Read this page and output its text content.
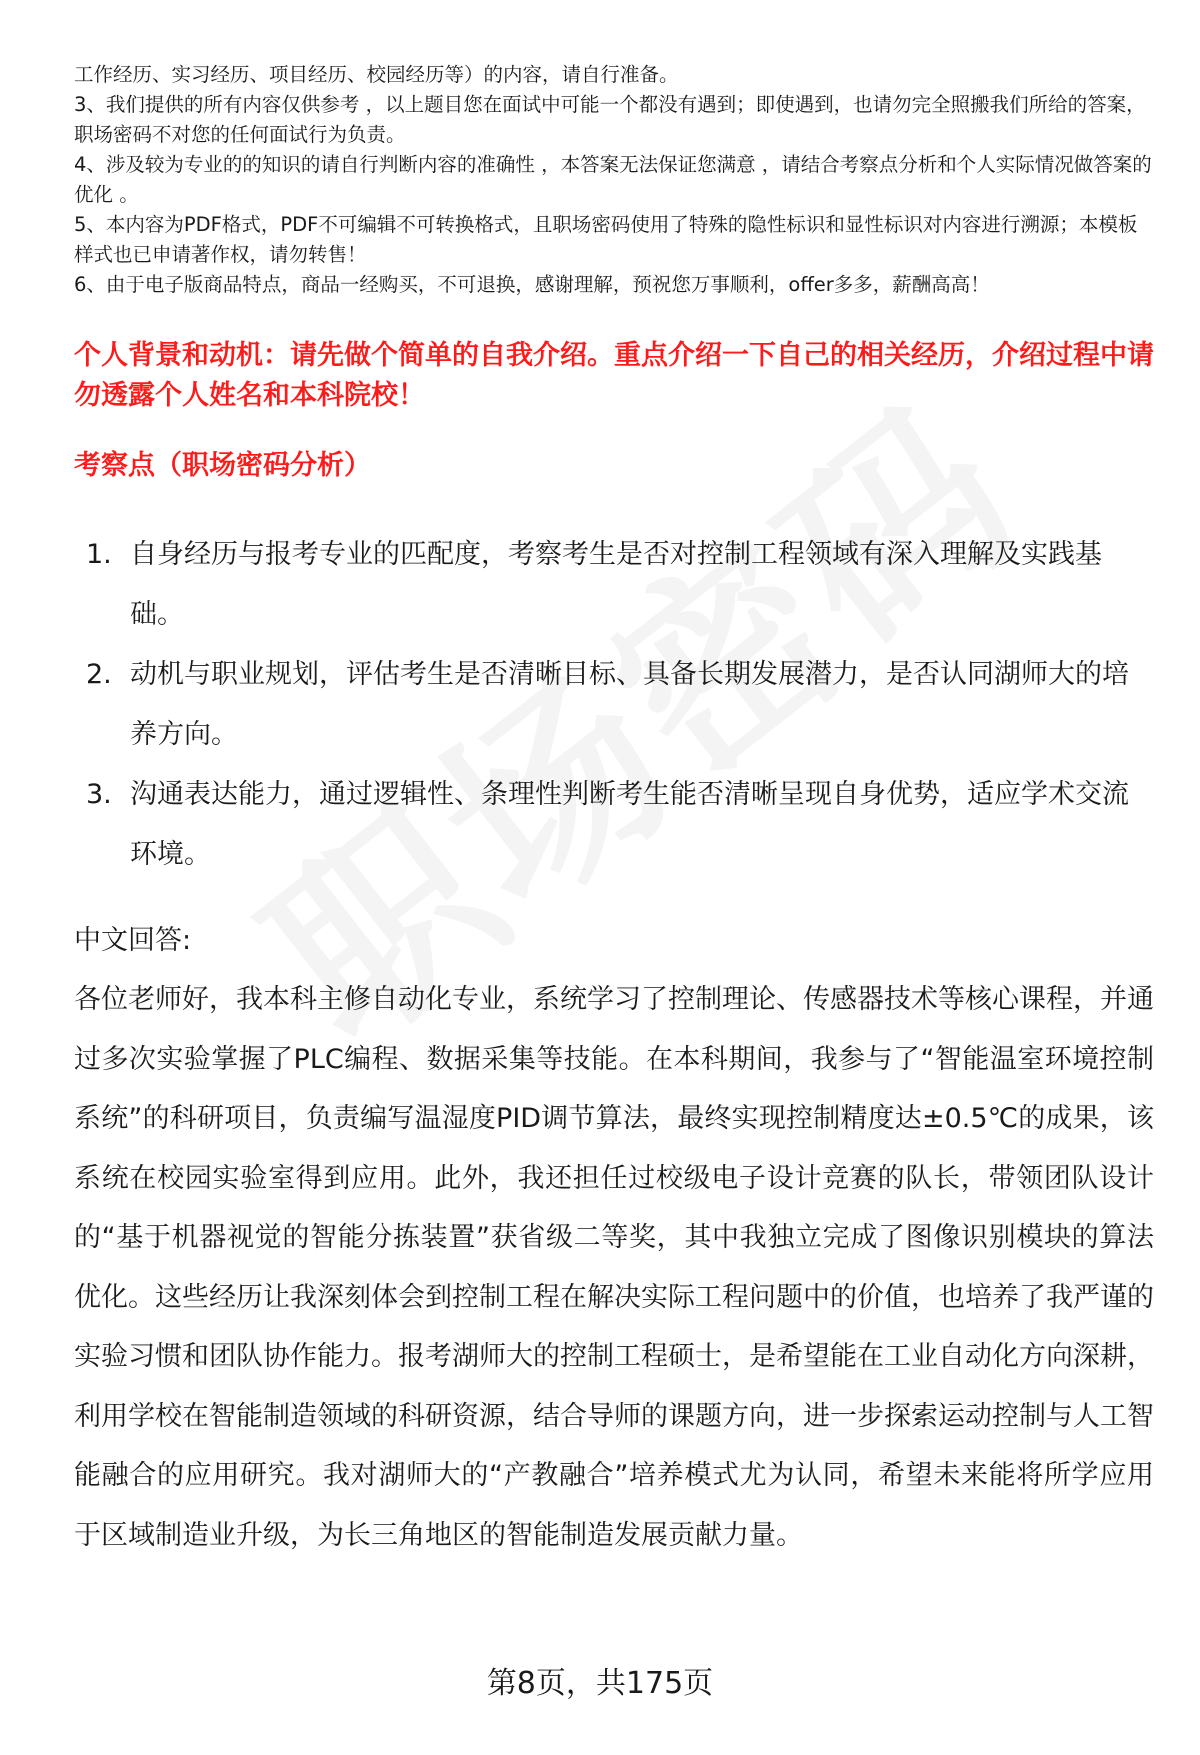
工作经历、实习经历、项目经历、校园经历等）的内容，请自行准备。

3、我们提供的所有内容仅供参考 ，以上题目您在面试中可能一个都没有遇到；即使遇到，也请勿完全照搬我们所给的答案，职场密码不对您的任何面试行为负责。

4、涉及较为专业的的知识的请自行判断内容的准确性 ，本答案无法保证您满意 ，请结合考察点分析和个人实际情况做答案的优化 。

5、本内容为PDF格式，PDF不可编辑不可转换格式，且职场密码使用了特殊的隐性标识和显性标识对内容进行溯源；本模板样式也已申请著作权，请勿转售！

6、由于电子版商品特点，商品一经购买，不可退换，感谢理解，预祝您万事顺利，offer多多，薪酬高高！

个人背景和动机：请先做个简单的自我介绍。重点介绍一下自己的相关经历，介绍过程中请勿透露个人姓名和本科院校！

考察点（职场密码分析）

1. 自身经历与报考专业的匹配度，考察考生是否对控制工程领域有深入理解及实践基础。
2. 动机与职业规划，评估考生是否清晰目标、具备长期发展潜力，是否认同湖师大的培养方向。
3. 沟通表达能力，通过逻辑性、条理性判断考生能否清晰呈现自身优势，适应学术交流环境。

中文回答:

各位老师好，我本科主修自动化专业，系统学习了控制理论、传感器技术等核心课程，并通过多次实验掌握了PLC编程、数据采集等技能。在本科期间，我参与了“智能温室环境控制系统”的科研项目，负责编写温湿度PID调节算法，最终实现控制精度达±0.5℃的成果，该系统在校园实验室得到应用。此外，我还担任过校级电子设计竞赛的队长，带领团队设计的“基于机器视觉的智能分拣装置”获省级二等奖，其中我独立完成了图像识别模块的算法优化。这些经历让我深刻体会到控制工程在解决实际工程问题中的价值，也培养了我严谨的实验习惯和团队协作能力。报考湖师大的控制工程硕士，是希望能在工业自动化方向深耕，利用学校在智能制造领域的科研资源，结合导师的课题方向，进一步探索运动控制与人工智能融合的应用研究。我对湖师大的“产教融合”培养模式尤为认同，希望未来能将所学应用于区域制造业升级，为长三角地区的智能制造发展贡献力量。

第8页，共175页
